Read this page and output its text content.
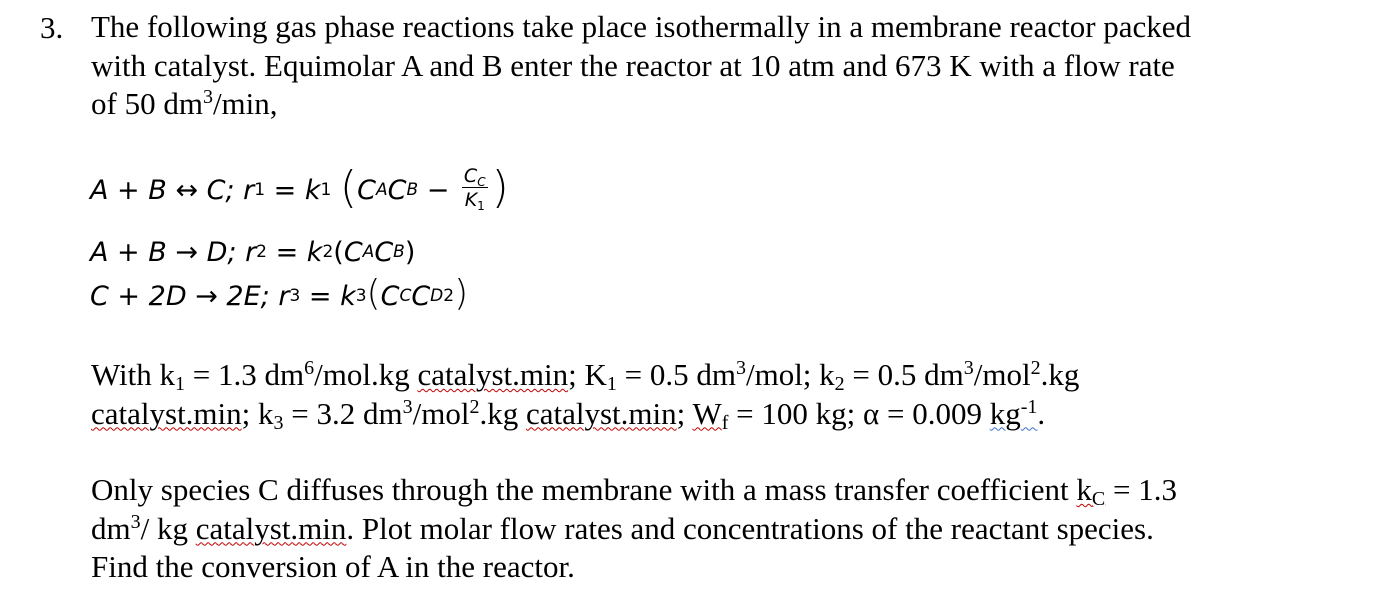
3. The following gas phase reactions take place isothermally in a membrane reactor packed
with catalyst. Equimolar A and B enter the reactor at 10 atm and 673 K with a flow rate
of 50 $dm^3/\min$,
A + B ↔ C;
r 1 = k 1
( C A C $B - \frac{C_C}{K_1}$ )
A + B → D;
r 2 = k 2 ( C A C B )
C + 2D → 2E;
r 3 = k 3 ( C C C D 2 )
With k1 = 1.3 $dm^6/mol.kg$ catalyst.min; K1 = 0.5 $dm^3$/mol; k2 = 0.5 $dm^3/mol^2.kg$
catalyst.min; k3 = 3.2 $dm^3/mol^2.kg$ catalyst.min; Wf = 100 kg; α = 0.009 $kg^{-1}$.
Only species C diffuses through the membrane with a mass transfer coefficient kC = 1.3
$dm^3/$ kg catalyst.min. Plot molar flow rates and concentrations of the reactant species.
Find the conversion of A in the reactor.
